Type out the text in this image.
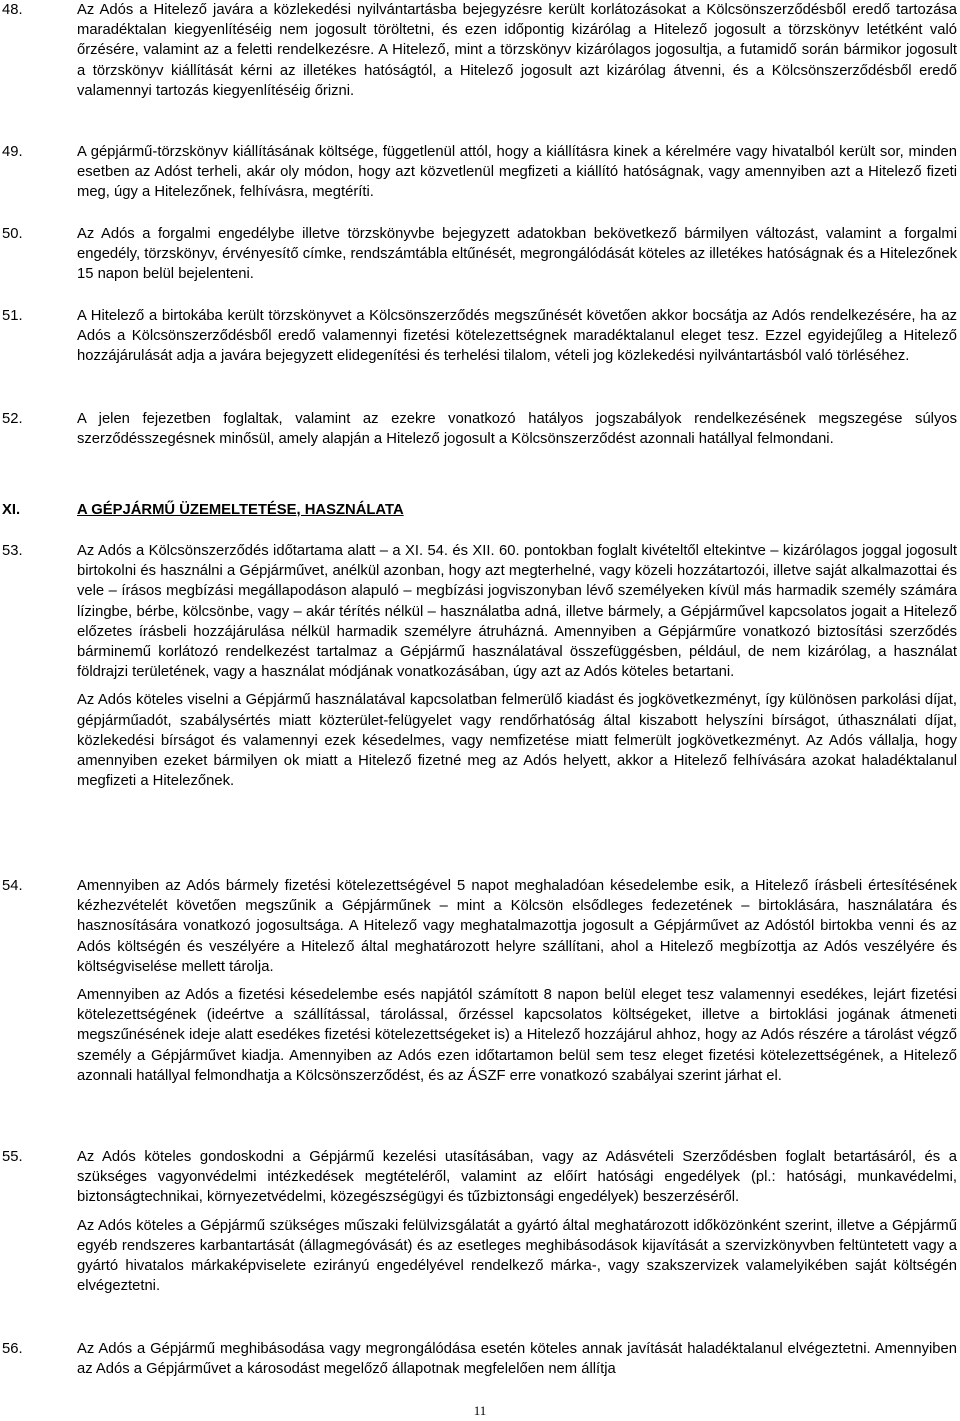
48.	Az Adós a Hitelező javára a közlekedési nyilvántartásba bejegyzésre került korlátozásokat a Kölcsönszerződésből eredő tartozása maradéktalan kiegyenlítéséig nem jogosult töröltetni, és ezen időpontig kizárólag a Hitelező jogosult a törzskönyv letétként való őrzésére, valamint az a feletti rendelkezésre. A Hitelező, mint a törzskönyv kizárólagos jogosultja, a futamidő során bármikor jogosult a törzskönyv kiállítását kérni az illetékes hatóságtól, a Hitelező jogosult azt kizárólag átvenni, és a Kölcsönszerződésből eredő valamennyi tartozás kiegyenlítéséig őrizni.

49.	A gépjármű-törzskönyv kiállításának költsége, függetlenül attól, hogy a kiállításra kinek a kérelmére vagy hivatalból került sor, minden esetben az Adóst terheli, akár oly módon, hogy azt közvetlenül megfizeti a kiállító hatóságnak, vagy amennyiben azt a Hitelező fizeti meg, úgy a Hitelezőnek, felhívásra, megtéríti.

50.	Az Adós a forgalmi engedélybe illetve törzskönyvbe bejegyzett adatokban bekövetkező bármilyen változást, valamint a forgalmi engedély, törzskönyv, érvényesítő címke, rendszámtábla eltűnését, megrongálódását köteles az illetékes hatóságnak és a Hitelezőnek 15 napon belül bejelenteni.

51.	A Hitelező a birtokába került törzskönyvet a Kölcsönszerződés megszűnését követően akkor bocsátja az Adós rendelkezésére, ha az Adós a Kölcsönszerződésből eredő valamennyi fizetési kötelezettségnek maradéktalanul eleget tesz. Ezzel egyidejűleg a Hitelező hozzájárulását adja a javára bejegyzett elidegenítési és terhelési tilalom, vételi jog közlekedési nyilvántartásból való törléséhez.

52.	A jelen fejezetben foglaltak, valamint az ezekre vonatkozó hatályos jogszabályok rendelkezésének megszegése súlyos szerződésszegésnek minősül, amely alapján a Hitelező jogosult a Kölcsönszerződést azonnali hatállyal felmondani.

XI.	A GÉPJÁRMŰ ÜZEMELTETÉSE, HASZNÁLATA
53.	Az Adós a Kölcsönszerződés időtartama alatt – a XI. 54. és XII. 60. pontokban foglalt kivételtől eltekintve – kizárólagos joggal jogosult birtokolni és használni a Gépjárművet, anélkül azonban, hogy azt megterhelné, vagy közeli hozzátartozói, illetve saját alkalmazottai és vele – írásos megbízási megállapodáson alapuló – megbízási jogviszonyban lévő személyeken kívül más harmadik személy számára lízingbe, bérbe, kölcsönbe, vagy – akár térítés nélkül – használatba adná, illetve bármely, a Gépjárművel kapcsolatos jogait a Hitelező előzetes írásbeli hozzájárulása nélkül harmadik személyre átruházná. Amennyiben a Gépjárműre vonatkozó biztosítási szerződés bárminemű korlátozó rendelkezést tartalmaz a Gépjármű használatával összefüggésben, például, de nem kizárólag, a használat földrajzi területének, vagy a használat módjának vonatkozásában, úgy azt az Adós köteles betartani.

Az Adós köteles viselni a Gépjármű használatával kapcsolatban felmerülő kiadást és jogkövetkezményt, így különösen parkolási díjat, gépjárműadót, szabálysértés miatt közterület-felügyelet vagy rendőrhatóság által kiszabott helyszíni bírságot, úthasználati díjat, közlekedési bírságot és valamennyi ezek késedelmes, vagy nemfizetése miatt felmerült jogkövetkezményt. Az Adós vállalja, hogy amennyiben ezeket bármilyen ok miatt a Hitelező fizetné meg az Adós helyett, akkor a Hitelező felhívására azokat haladéktalanul megfizeti a Hitelezőnek.

54.	Amennyiben az Adós bármely fizetési kötelezettségével 5 napot meghaladóan késedelembe esik, a Hitelező írásbeli értesítésének kézhezvételét követően megszűnik a Gépjárműnek – mint a Kölcsön elsődleges fedezetének – birtoklására, használatára és hasznosítására vonatkozó jogosultsága. A Hitelező vagy meghatalmazottja jogosult a Gépjárművet az Adóstól birtokba venni és az Adós költségén és veszélyére a Hitelező által meghatározott helyre szállítani, ahol a Hitelező megbízottja az Adós veszélyére és költségviselése mellett tárolja.

Amennyiben az Adós a fizetési késedelembe esés napjától számított 8 napon belül eleget tesz valamennyi esedékes, lejárt fizetési kötelezettségének (ideértve a szállítással, tárolással, őrzéssel kapcsolatos költségeket, illetve a birtoklási jogának átmeneti megszűnésének ideje alatt esedékes fizetési kötelezettségeket is) a Hitelező hozzájárul ahhoz, hogy az Adós részére a tárolást végző személy a Gépjárművet kiadja. Amennyiben az Adós ezen időtartamon belül sem tesz eleget fizetési kötelezettségének, a Hitelező azonnali hatállyal felmondhatja a Kölcsönszerződést, és az ÁSZF erre vonatkozó szabályai szerint járhat el.

55.	Az Adós köteles gondoskodni a Gépjármű kezelési utasításában, vagy az Adásvételi Szerződésben foglalt betartásáról, és a szükséges vagyonvédelmi intézkedések megtételéről, valamint az előírt hatósági engedélyek (pl.: hatósági, munkavédelmi, biztonságtechnikai, környezetvédelmi, közegészségügyi és tűzbiztonsági engedélyek) beszerzéséről.

Az Adós köteles a Gépjármű szükséges műszaki felülvizsgálatát a gyártó által meghatározott időközönként szerint, illetve a Gépjármű egyéb rendszeres karbantartását (állagmegóvását) és az esetleges meghibásodások kijavítását a szervizkönyvben feltüntetett vagy a gyártó hivatalos márkaképviselete ezirányú engedélyével rendelkező márka-, vagy szakszervizek valamelyikében saját költségén elvégeztetni.

56.	Az Adós a Gépjármű meghibásodása vagy megrongálódása esetén köteles annak javítását haladéktalanul elvégeztetni. Amennyiben az Adós a Gépjárművet a károsodást megelőző állapotnak megfelelően nem állítja

11
